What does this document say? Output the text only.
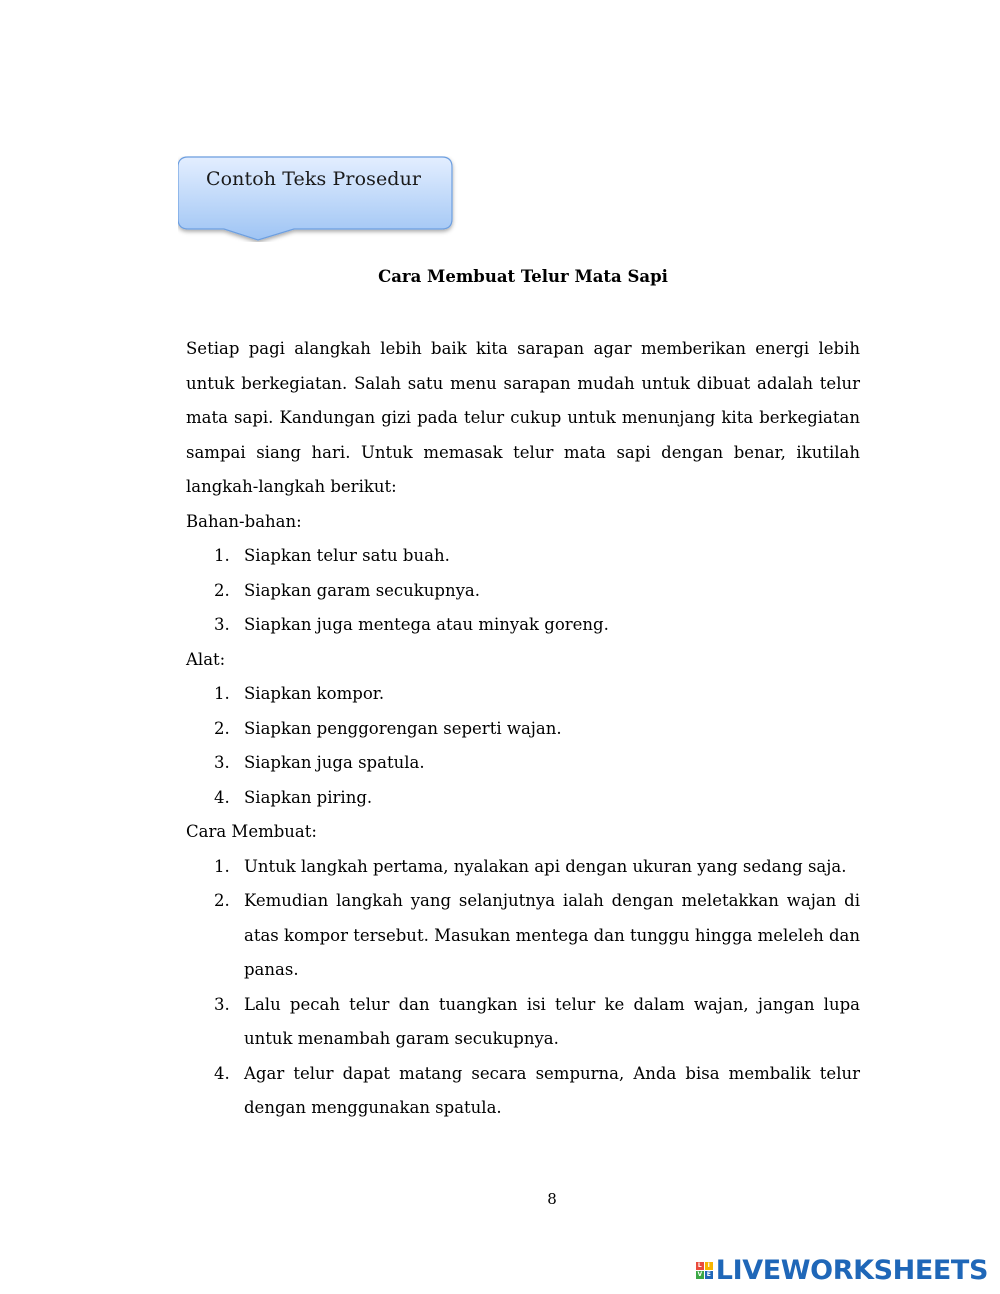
Contoh Teks Prosedur
Cara Membuat Telur Mata Sapi

Setiap pagi alangkah lebih baik kita sarapan agar memberikan energi lebih untuk berkegiatan. Salah satu menu sarapan mudah untuk dibuat adalah telur mata sapi. Kandungan gizi pada telur cukup untuk menunjang kita berkegiatan sampai siang hari. Untuk memasak telur mata sapi dengan benar, ikutilah langkah-langkah berikut:

Bahan-bahan:
1. Siapkan telur satu buah.
2. Siapkan garam secukupnya.
3. Siapkan juga mentega atau minyak goreng.
Alat:
1. Siapkan kompor.
2. Siapkan penggorengan seperti wajan.
3. Siapkan juga spatula.
4. Siapkan piring.
Cara Membuat:
1. Untuk langkah pertama, nyalakan api dengan ukuran yang sedang saja.
2. Kemudian langkah yang selanjutnya ialah dengan meletakkan wajan di atas kompor tersebut. Masukan mentega dan tunggu hingga meleleh dan panas.
3. Lalu pecah telur dan tuangkan isi telur ke dalam wajan, jangan lupa untuk menambah garam secukupnya.
4. Agar telur dapat matang secara sempurna, Anda bisa membalik telur dengan menggunakan spatula.
8
L I
V E LIVEWORKSHEETS
